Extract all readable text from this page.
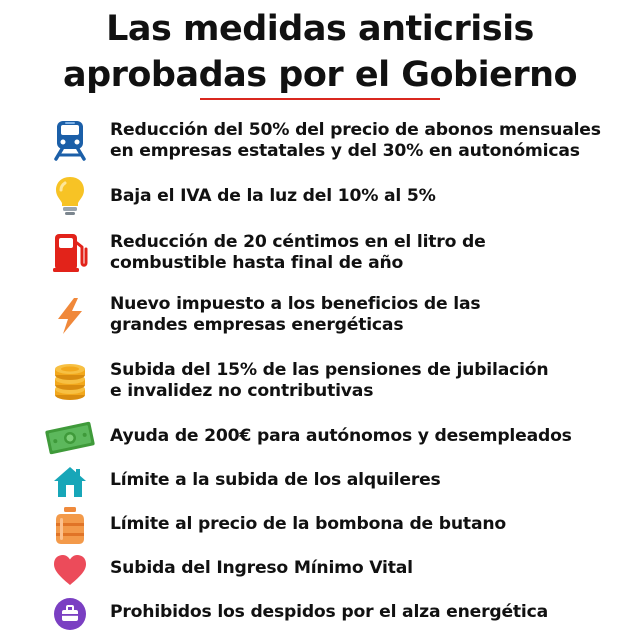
Las medidas anticrisis
aprobadas por el Gobierno
Reducción del 50% del precio de abonos mensuales
en empresas estatales y del 30% en autonómicas
Baja el IVA de la luz del 10% al 5%
Reducción de 20 céntimos en el litro de
combustible hasta final de año
Nuevo impuesto a los beneficios de las
grandes empresas energéticas
Subida del 15% de las pensiones de jubilación
e invalidez no contributivas
Ayuda de 200€ para autónomos y desempleados
Límite a la subida de los alquileres
Límite al precio de la bombona de butano
Subida del Ingreso Mínimo Vital
Prohibidos los despidos por el alza energética
